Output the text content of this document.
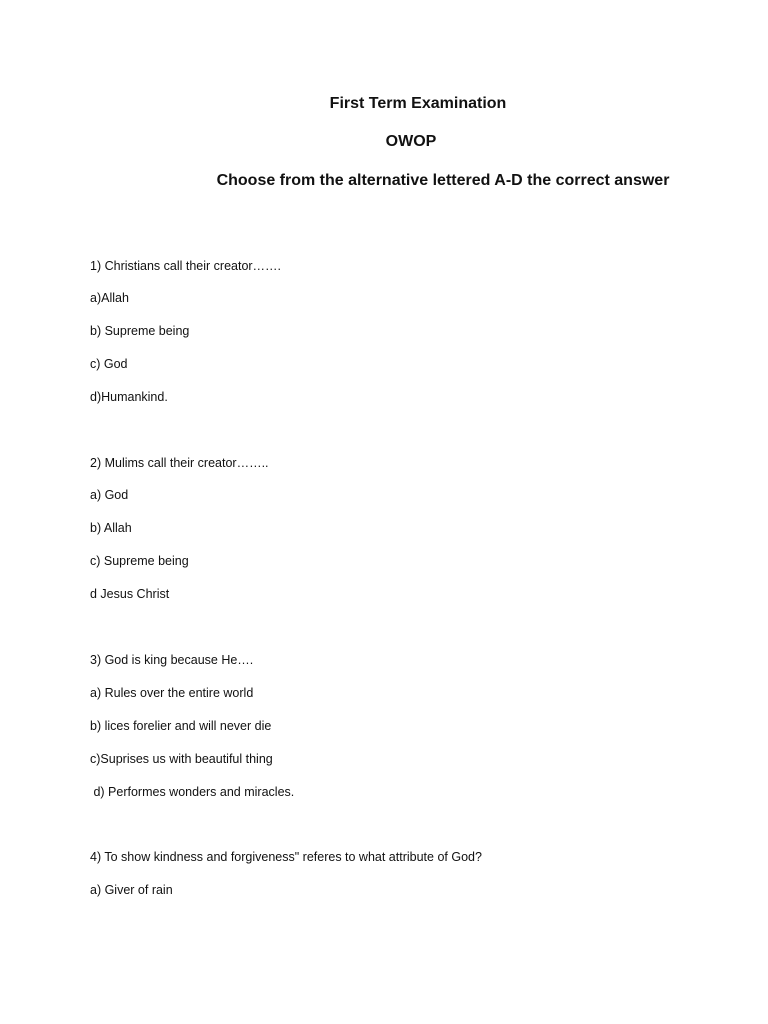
First Term Examination
OWOP
Choose from the alternative lettered A-D the correct answer
1) Christians call their creator…….
a)Allah
b) Supreme being
c) God
d)Humankind.
2) Mulims call their creator……..
a) God
b) Allah
c) Supreme being
d Jesus Christ
3) God is king because He….
a) Rules over the entire world
b) lices forelier and will never die
c)Suprises us with beautiful thing
d) Performes wonders and miracles.
4) To show kindness and forgiveness" referes to what attribute of God?
a) Giver of rain
